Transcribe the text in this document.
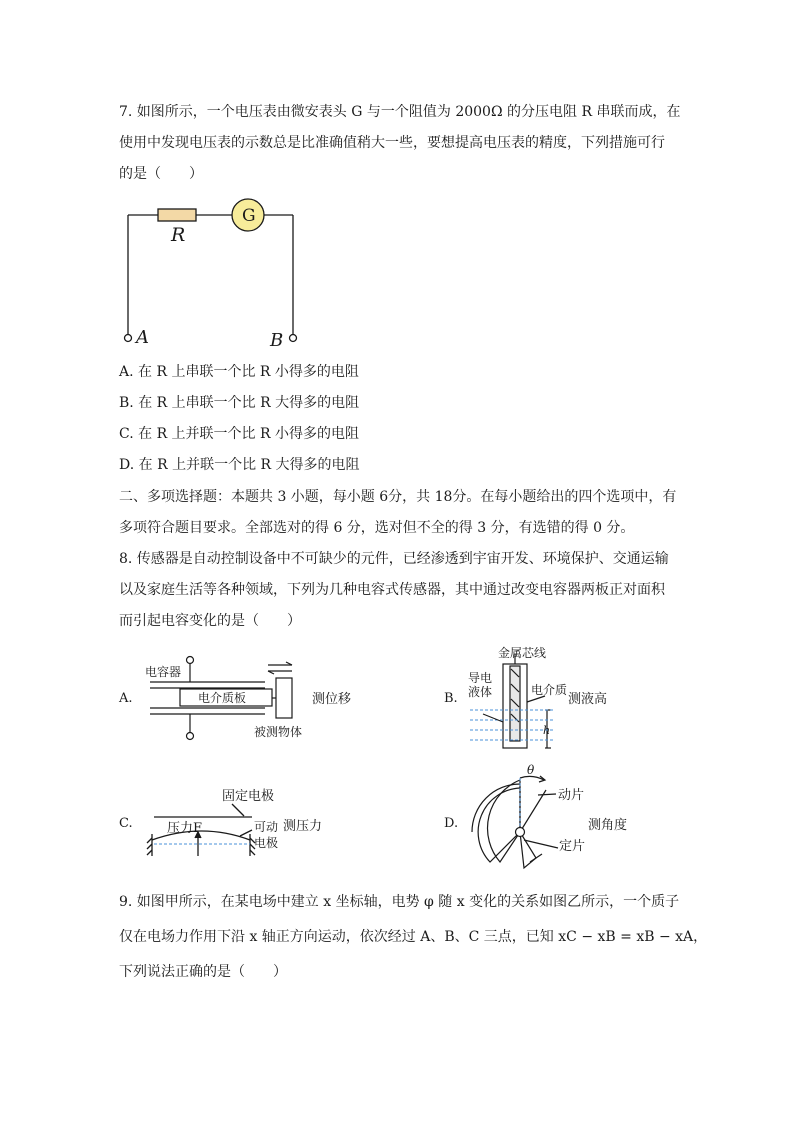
7. 如图所示，一个电压表由微安表头 G 与一个阻值为 2000Ω 的分压电阻 R 串联而成，在
使用中发现电压表的示数总是比准确值稍大一些，要想提高电压表的精度，下列措施可行
的是（　　）
G
R
A	B
A. 在 R 上串联一个比 R 小得多的电阻
B. 在 R 上串联一个比 R 大得多的电阻
C. 在 R 上并联一个比 R 小得多的电阻
D. 在 R 上并联一个比 R 大得多的电阻
二、多项选择题：本题共 3 小题，每小题 6分，共 18分。在每小题给出的四个选项中，有
多项符合题目要求。全部选对的得 6 分，选对但不全的得 3 分，有选错的得 0 分。
8. 传感器是自动控制设备中不可缺少的元件，已经渗透到宇宙开发、环境保护、交通运输
以及家庭生活等各种领域，下列为几种电容式传感器，其中通过改变电容器两板正对面积
而引起电容变化的是（　　）
A.
电容器
电介质板
被测物体
测位移	B.
金属芯线
导电
液体	电介质
测液高
h
C.
固定电极
压力F	可动
电极
测压力	D.
θ
动片
定片
测角度
9. 如图甲所示，在某电场中建立 x 坐标轴，电势 φ 随 x 变化的关系如图乙所示，一个质子
仅在电场力作用下沿 x 轴正方向运动，依次经过 A、B、C 三点，已知 xC − xB = xB − xA，
下列说法正确的是（　　）
